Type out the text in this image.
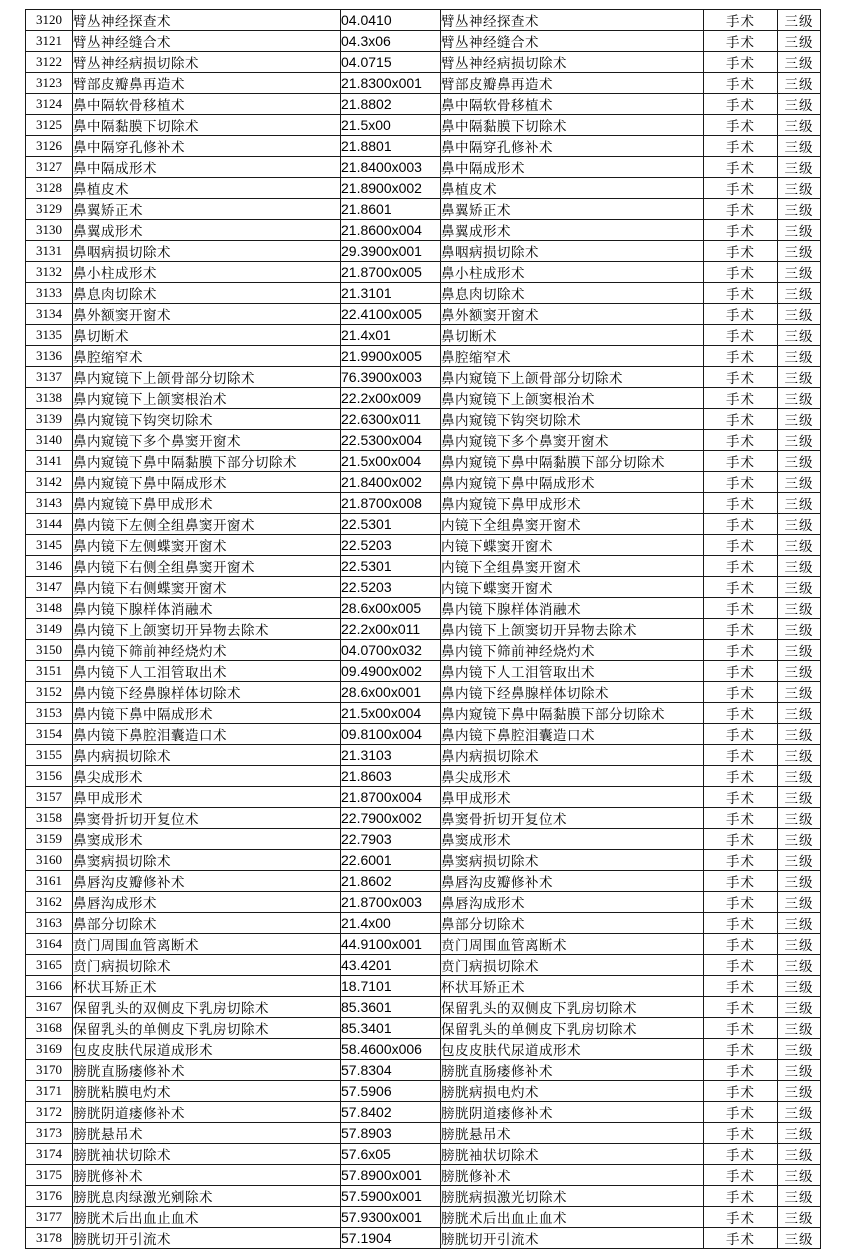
3120	臂丛神经探查术	04.0410	臂丛神经探查术	手术	三级
3121	臂丛神经缝合术	04.3x06	臂丛神经缝合术	手术	三级
3122	臂丛神经病损切除术	04.0715	臂丛神经病损切除术	手术	三级
3123	臂部皮瓣鼻再造术	21.8300x001	臂部皮瓣鼻再造术	手术	三级
3124	鼻中隔软骨移植术	21.8802	鼻中隔软骨移植术	手术	三级
3125	鼻中隔黏膜下切除术	21.5x00	鼻中隔黏膜下切除术	手术	三级
3126	鼻中隔穿孔修补术	21.8801	鼻中隔穿孔修补术	手术	三级
3127	鼻中隔成形术	21.8400x003	鼻中隔成形术	手术	三级
3128	鼻植皮术	21.8900x002	鼻植皮术	手术	三级
3129	鼻翼矫正术	21.8601	鼻翼矫正术	手术	三级
3130	鼻翼成形术	21.8600x004	鼻翼成形术	手术	三级
3131	鼻咽病损切除术	29.3900x001	鼻咽病损切除术	手术	三级
3132	鼻小柱成形术	21.8700x005	鼻小柱成形术	手术	三级
3133	鼻息肉切除术	21.3101	鼻息肉切除术	手术	三级
3134	鼻外额窦开窗术	22.4100x005	鼻外额窦开窗术	手术	三级
3135	鼻切断术	21.4x01	鼻切断术	手术	三级
3136	鼻腔缩窄术	21.9900x005	鼻腔缩窄术	手术	三级
3137	鼻内窥镜下上颌骨部分切除术	76.3900x003	鼻内窥镜下上颌骨部分切除术	手术	三级
3138	鼻内窥镜下上颌窦根治术	22.2x00x009	鼻内窥镜下上颌窦根治术	手术	三级
3139	鼻内窥镜下钩突切除术	22.6300x011	鼻内窥镜下钩突切除术	手术	三级
3140	鼻内窥镜下多个鼻窦开窗术	22.5300x004	鼻内窥镜下多个鼻窦开窗术	手术	三级
3141	鼻内窥镜下鼻中隔黏膜下部分切除术	21.5x00x004	鼻内窥镜下鼻中隔黏膜下部分切除术	手术	三级
3142	鼻内窥镜下鼻中隔成形术	21.8400x002	鼻内窥镜下鼻中隔成形术	手术	三级
3143	鼻内窥镜下鼻甲成形术	21.8700x008	鼻内窥镜下鼻甲成形术	手术	三级
3144	鼻内镜下左侧全组鼻窦开窗术	22.5301	内镜下全组鼻窦开窗术	手术	三级
3145	鼻内镜下左侧蝶窦开窗术	22.5203	内镜下蝶窦开窗术	手术	三级
3146	鼻内镜下右侧全组鼻窦开窗术	22.5301	内镜下全组鼻窦开窗术	手术	三级
3147	鼻内镜下右侧蝶窦开窗术	22.5203	内镜下蝶窦开窗术	手术	三级
3148	鼻内镜下腺样体消融术	28.6x00x005	鼻内镜下腺样体消融术	手术	三级
3149	鼻内镜下上颌窦切开异物去除术	22.2x00x011	鼻内镜下上颌窦切开异物去除术	手术	三级
3150	鼻内镜下筛前神经烧灼术	04.0700x032	鼻内镜下筛前神经烧灼术	手术	三级
3151	鼻内镜下人工泪管取出术	09.4900x002	鼻内镜下人工泪管取出术	手术	三级
3152	鼻内镜下经鼻腺样体切除术	28.6x00x001	鼻内镜下经鼻腺样体切除术	手术	三级
3153	鼻内镜下鼻中隔成形术	21.5x00x004	鼻内窥镜下鼻中隔黏膜下部分切除术	手术	三级
3154	鼻内镜下鼻腔泪囊造口术	09.8100x004	鼻内镜下鼻腔泪囊造口术	手术	三级
3155	鼻内病损切除术	21.3103	鼻内病损切除术	手术	三级
3156	鼻尖成形术	21.8603	鼻尖成形术	手术	三级
3157	鼻甲成形术	21.8700x004	鼻甲成形术	手术	三级
3158	鼻窦骨折切开复位术	22.7900x002	鼻窦骨折切开复位术	手术	三级
3159	鼻窦成形术	22.7903	鼻窦成形术	手术	三级
3160	鼻窦病损切除术	22.6001	鼻窦病损切除术	手术	三级
3161	鼻唇沟皮瓣修补术	21.8602	鼻唇沟皮瓣修补术	手术	三级
3162	鼻唇沟成形术	21.8700x003	鼻唇沟成形术	手术	三级
3163	鼻部分切除术	21.4x00	鼻部分切除术	手术	三级
3164	贲门周围血管离断术	44.9100x001	贲门周围血管离断术	手术	三级
3165	贲门病损切除术	43.4201	贲门病损切除术	手术	三级
3166	杯状耳矫正术	18.7101	杯状耳矫正术	手术	三级
3167	保留乳头的双侧皮下乳房切除术	85.3601	保留乳头的双侧皮下乳房切除术	手术	三级
3168	保留乳头的单侧皮下乳房切除术	85.3401	保留乳头的单侧皮下乳房切除术	手术	三级
3169	包皮皮肤代尿道成形术	58.4600x006	包皮皮肤代尿道成形术	手术	三级
3170	膀胱直肠瘘修补术	57.8304	膀胱直肠瘘修补术	手术	三级
3171	膀胱粘膜电灼术	57.5906	膀胱病损电灼术	手术	三级
3172	膀胱阴道瘘修补术	57.8402	膀胱阴道瘘修补术	手术	三级
3173	膀胱悬吊术	57.8903	膀胱悬吊术	手术	三级
3174	膀胱袖状切除术	57.6x05	膀胱袖状切除术	手术	三级
3175	膀胱修补术	57.8900x001	膀胱修补术	手术	三级
3176	膀胱息肉绿激光剜除术	57.5900x001	膀胱病损激光切除术	手术	三级
3177	膀胱术后出血止血术	57.9300x001	膀胱术后出血止血术	手术	三级
3178	膀胱切开引流术	57.1904	膀胱切开引流术	手术	三级
